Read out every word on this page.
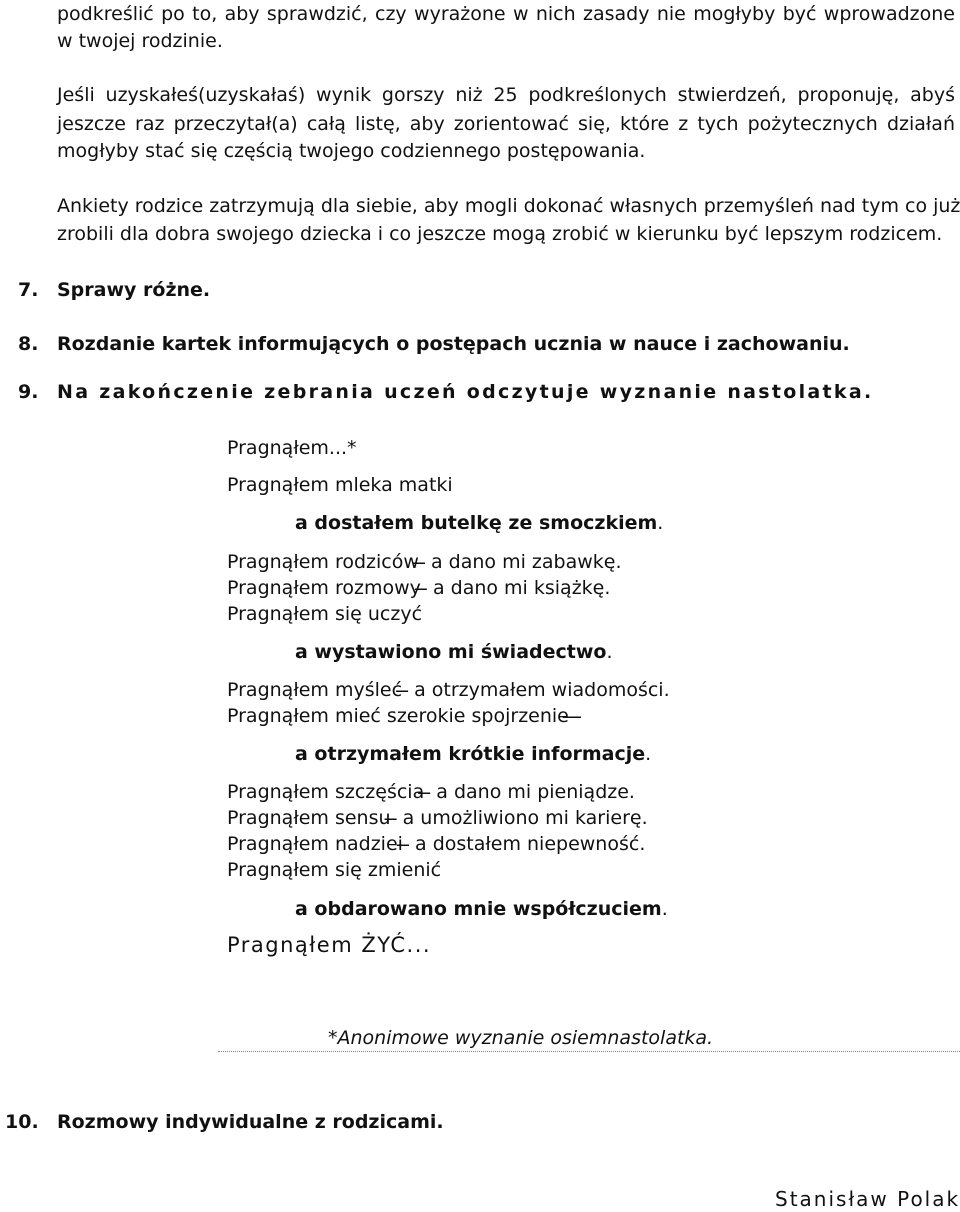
podkreślić po to, aby sprawdzić, czy wyrażone w nich zasady nie mogłyby być wprowadzone
w twojej rodzinie.
Jeśli uzyskałeś(uzyskałaś) wynik gorszy niż 25 podkreślonych stwierdzeń, proponuję, abyś
jeszcze raz przeczytał(a) całą listę, aby zorientować się, które z tych pożytecznych działań
mogłyby stać się częścią twojego codziennego postępowania.
Ankiety rodzice zatrzymują dla siebie, aby mogli dokonać własnych przemyśleń nad tym co już
zrobili dla dobra swojego dziecka i co jeszcze mogą zrobić w kierunku być lepszym rodzicem.
7. Sprawy różne.
8. Rozdanie kartek informujących o postępach ucznia w nauce i zachowaniu.
9. Na zakończenie zebrania uczeń odczytuje wyznanie nastolatka.
Pragnąłem...*
Pragnąłem mleka matki
a dostałem butelkę ze smoczkiem.
Pragnąłem rodziców ̶ a dano mi zabawkę.
Pragnąłem rozmowy ̶ a dano mi książkę.
Pragnąłem się uczyć
a wystawiono mi świadectwo.
Pragnąłem myśleć ̶ a otrzymałem wiadomości.
Pragnąłem mieć szerokie spojrzenie ̶ ̶
a otrzymałem krótkie informacje.
Pragnąłem szczęścia ̶ a dano mi pieniądze.
Pragnąłem sensu ̶ a umożliwiono mi karierę.
Pragnąłem nadziei ̶ a dostałem niepewność.
Pragnąłem się zmienić
a obdarowano mnie współczuciem.
Pragnąłem ŻYĆ...
*Anonimowe wyznanie osiemnastolatka.
10. Rozmowy indywidualne z rodzicami.
Stanisław Polak
